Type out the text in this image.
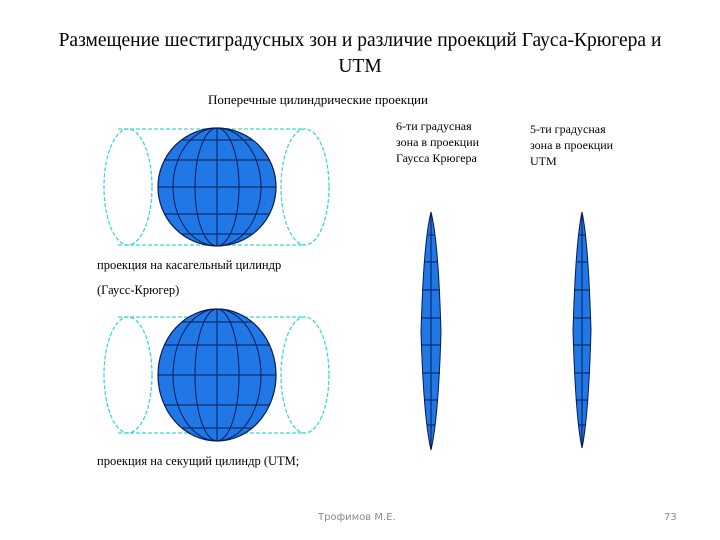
Размещение шестиградусных зон и различие проекций Гауса-Крюгера и UTM
Поперечные цилиндрические проекции
проекция на касагельный цилиндр
(Гаусс-Крюгер)
проекция на секущий цилиндр (UTM;
6-ти градусная зона в проекции Гаусса Крюгера
5-ти градусная зона в проекции UTM
Трофимов М.Е.	73
